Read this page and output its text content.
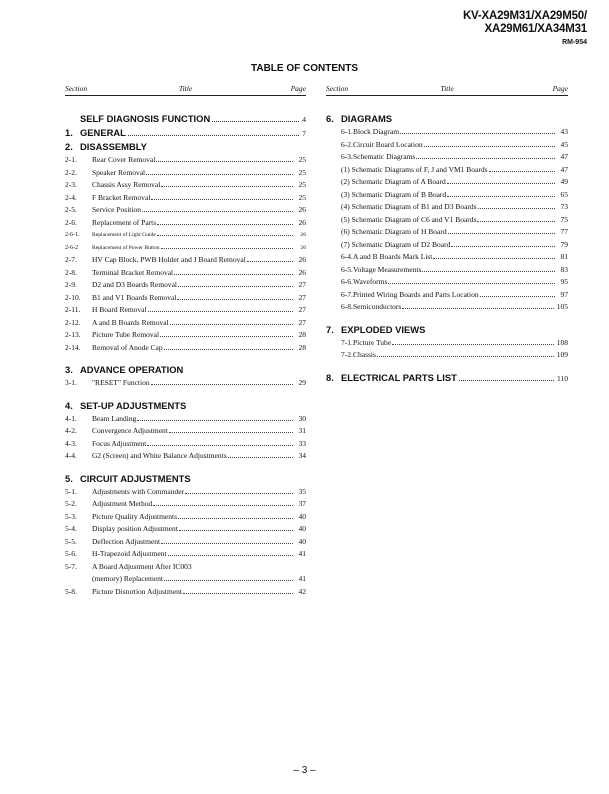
KV-XA29M31/XA29M50/
XA29M61/XA34M31
RM-954
TABLE OF CONTENTS
Section	Title	Page
SELF DIAGNOSIS FUNCTION	4
1. GENERAL	7
2. DISASSEMBLY
2-1.	Rear Cover Removal	25
2-2.	Speaker Removal	25
2-3.	Chassis Assy Removal	25
2-4.	F Bracket Removal	25
2-5.	Service Position	26
2-6.	Replacement of Parts	26
2-6-1.	Replacement of Light Guide	26
2-6-2	Replacement of Power Button	26
2-7.	HV Cap Block, PWB Holder and J Board Removal	26
2-8.	Terminal Bracket Removal	26
2-9.	D2 and D3 Boards Removal	27
2-10.	B1 and V1 Boards Removal	27
2-11.	H Board Removal	27
2-12.	A and B Boards Removal	27
2-13.	Picture Tube Removal	28
2-14.	Removal of Anode Cap	28
3. ADVANCE OPERATION
3-1.	"RESET" Function	29
4. SET-UP ADJUSTMENTS
4-1.	Beam Landing	30
4-2.	Convergence Adjustment	31
4-3.	Focus Adjustment	33
4-4.	G2 (Screen) and White Balance Adjustments	34
5. CIRCUIT ADJUSTMENTS
5-1.	Adjustments with Commander	35
5-2.	Adjustment Method	37
5-3.	Picture Quality Adjustments	40
5-4.	Display position Adjustment	40
5-5.	Deflection Adjustment	40
5-6.	H-Trapezoid Adjustment	41
5-7.	A Board Adjustment After IC003
(memory) Replacement	41
5-8.	Picture Distortion Adjustment	42
Section	Title	Page
6. DIAGRAMS
6-1. Block Diagram	43
6-2. Circuit Board Location	45
6-3. Schematic Diagrams	47
(1) Schematic Diagrams of F, J and VM1 Boards	47
(2) Schematic Diagram of A Board	49
(3) Schematic Diagram of B Board	65
(4) Schematic Diagram of B1 and D3 Boards	73
(5) Schematic Diagram of C6 and V1 Boards	75
(6) Schematic Diagram of H Board	77
(7) Schematic Diagram of D2 Board	79
6-4. A and B Boards Mark List	81
6-5. Voltage Measurements	83
6-6. Waveforms	95
6-7. Printed Wiring Boards and Parts Location	97
6-8. Semiconductors	105
7. EXPLODED VIEWS
7-1. Picture Tube	108
7-2. Chassis	109
8. ELECTRICAL PARTS LIST	110
– 3 –
